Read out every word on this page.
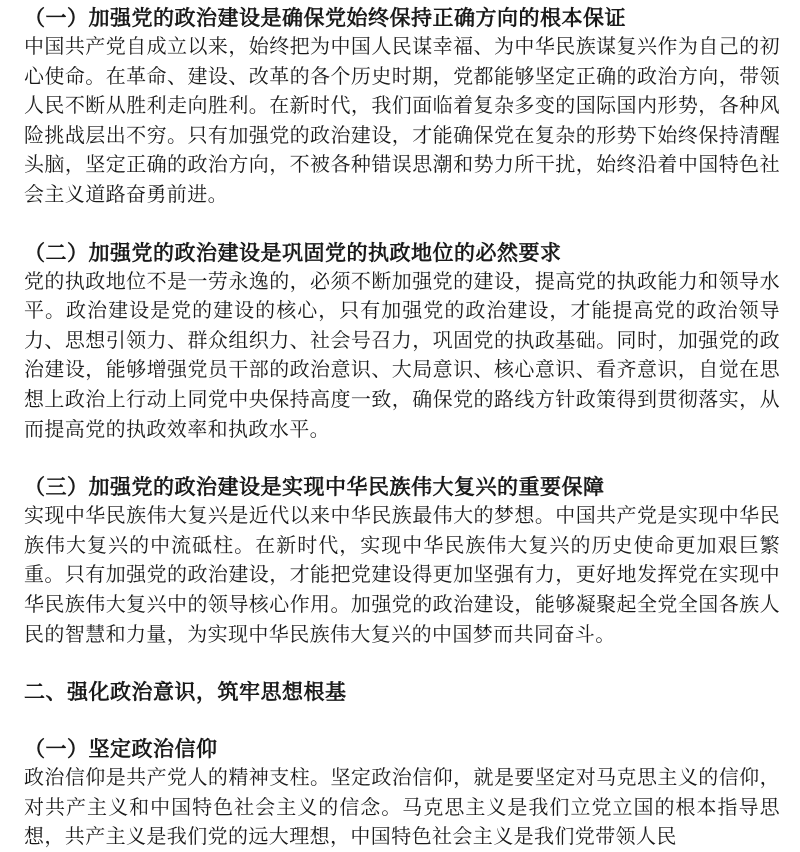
（一）加强党的政治建设是确保党始终保持正确方向的根本保证

中国共产党自成立以来，始终把为中国人民谋幸福、为中华民族谋复兴作为自己的初心使命。在革命、建设、改革的各个历史时期，党都能够坚定正确的政治方向，带领人民不断从胜利走向胜利。在新时代，我们面临着复杂多变的国际国内形势，各种风险挑战层出不穷。只有加强党的政治建设，才能确保党在复杂的形势下始终保持清醒头脑，坚定正确的政治方向，不被各种错误思潮和势力所干扰，始终沿着中国特色社会主义道路奋勇前进。

（二）加强党的政治建设是巩固党的执政地位的必然要求

党的执政地位不是一劳永逸的，必须不断加强党的建设，提高党的执政能力和领导水平。政治建设是党的建设的核心，只有加强党的政治建设，才能提高党的政治领导力、思想引领力、群众组织力、社会号召力，巩固党的执政基础。同时，加强党的政治建设，能够增强党员干部的政治意识、大局意识、核心意识、看齐意识，自觉在思想上政治上行动上同党中央保持高度一致，确保党的路线方针政策得到贯彻落实，从而提高党的执政效率和执政水平。

（三）加强党的政治建设是实现中华民族伟大复兴的重要保障

实现中华民族伟大复兴是近代以来中华民族最伟大的梦想。中国共产党是实现中华民族伟大复兴的中流砥柱。在新时代，实现中华民族伟大复兴的历史使命更加艰巨繁重。只有加强党的政治建设，才能把党建设得更加坚强有力，更好地发挥党在实现中华民族伟大复兴中的领导核心作用。加强党的政治建设，能够凝聚起全党全国各族人民的智慧和力量，为实现中华民族伟大复兴的中国梦而共同奋斗。

二、强化政治意识，筑牢思想根基
（一）坚定政治信仰

政治信仰是共产党人的精神支柱。坚定政治信仰，就是要坚定对马克思主义的信仰，对共产主义和中国特色社会主义的信念。马克思主义是我们立党立国的根本指导思想，共产主义是我们党的远大理想，中国特色社会主义是我们党带领人民
